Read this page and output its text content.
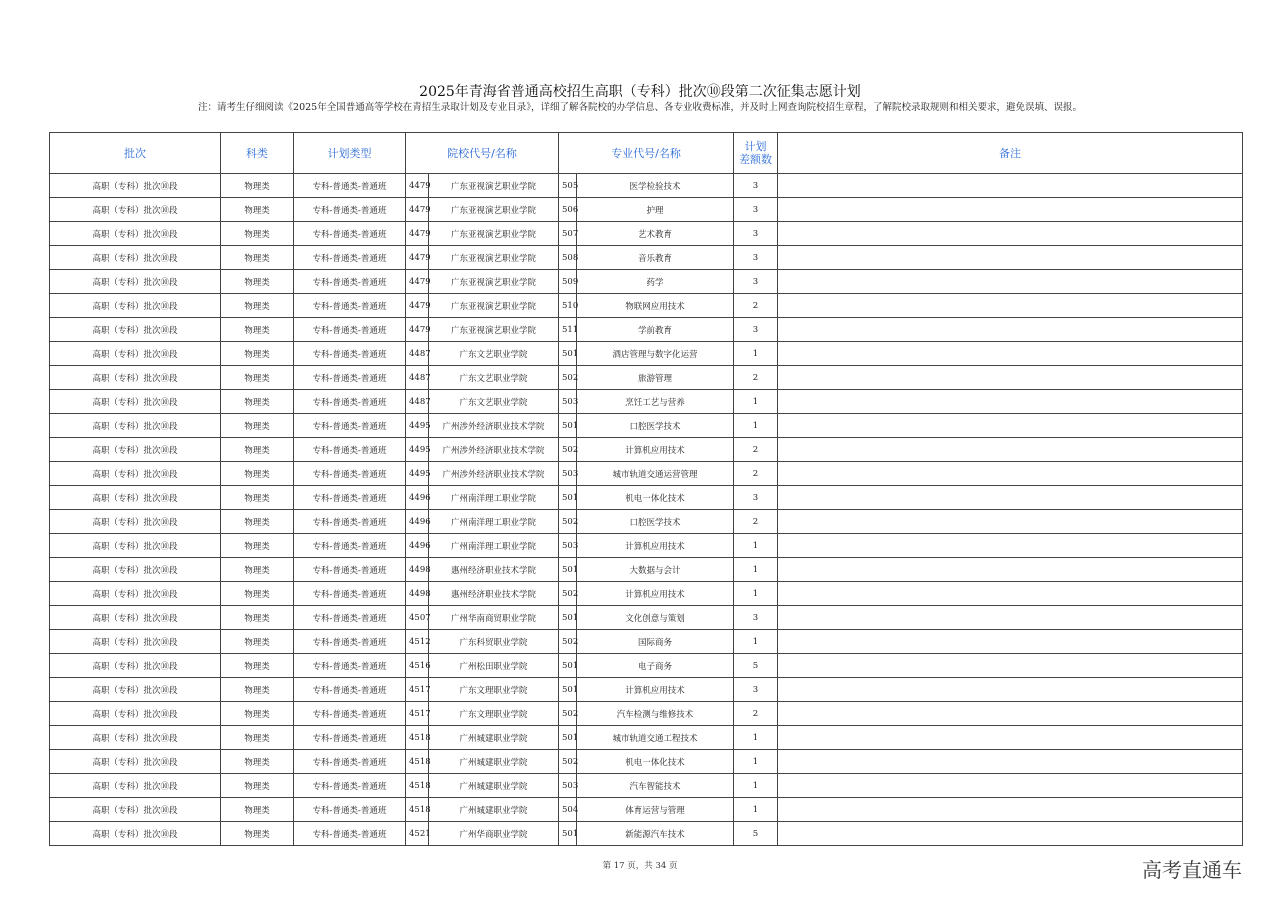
2025年青海省普通高校招生高职（专科）批次⑩段第二次征集志愿计划
注：请考生仔细阅读《2025年全国普通高等学校在青招生录取计划及专业目录》，详细了解各院校的办学信息、各专业收费标准，并及时上网查询院校招生章程，了解院校录取规则和相关要求，避免误填、误报。
批次	科类	计划类型	院校代号/名称		专业代号/名称		计划
差额数	备注
高职（专科）批次⑩段	物理类	专科-普通类-普通班	4479	广东亚视演艺职业学院	505	医学检验技术	3	
高职（专科）批次⑩段	物理类	专科-普通类-普通班	4479	广东亚视演艺职业学院	506	护理	3	
高职（专科）批次⑩段	物理类	专科-普通类-普通班	4479	广东亚视演艺职业学院	507	艺术教育	3	
高职（专科）批次⑩段	物理类	专科-普通类-普通班	4479	广东亚视演艺职业学院	508	音乐教育	3	
高职（专科）批次⑩段	物理类	专科-普通类-普通班	4479	广东亚视演艺职业学院	509	药学	3	
高职（专科）批次⑩段	物理类	专科-普通类-普通班	4479	广东亚视演艺职业学院	510	物联网应用技术	2	
高职（专科）批次⑩段	物理类	专科-普通类-普通班	4479	广东亚视演艺职业学院	511	学前教育	3	
高职（专科）批次⑩段	物理类	专科-普通类-普通班	4487	广东文艺职业学院	501	酒店管理与数字化运营	1	
高职（专科）批次⑩段	物理类	专科-普通类-普通班	4487	广东文艺职业学院	502	旅游管理	2	
高职（专科）批次⑩段	物理类	专科-普通类-普通班	4487	广东文艺职业学院	503	烹饪工艺与营养	1	
高职（专科）批次⑩段	物理类	专科-普通类-普通班	4495	广州涉外经济职业技术学院	501	口腔医学技术	1	
高职（专科）批次⑩段	物理类	专科-普通类-普通班	4495	广州涉外经济职业技术学院	502	计算机应用技术	2	
高职（专科）批次⑩段	物理类	专科-普通类-普通班	4495	广州涉外经济职业技术学院	503	城市轨道交通运营管理	2	
高职（专科）批次⑩段	物理类	专科-普通类-普通班	4496	广州南洋理工职业学院	501	机电一体化技术	3	
高职（专科）批次⑩段	物理类	专科-普通类-普通班	4496	广州南洋理工职业学院	502	口腔医学技术	2	
高职（专科）批次⑩段	物理类	专科-普通类-普通班	4496	广州南洋理工职业学院	503	计算机应用技术	1	
高职（专科）批次⑩段	物理类	专科-普通类-普通班	4498	惠州经济职业技术学院	501	大数据与会计	1	
高职（专科）批次⑩段	物理类	专科-普通类-普通班	4498	惠州经济职业技术学院	502	计算机应用技术	1	
高职（专科）批次⑩段	物理类	专科-普通类-普通班	4507	广州华南商贸职业学院	501	文化创意与策划	3	
高职（专科）批次⑩段	物理类	专科-普通类-普通班	4512	广东科贸职业学院	502	国际商务	1	
高职（专科）批次⑩段	物理类	专科-普通类-普通班	4516	广州松田职业学院	501	电子商务	5	
高职（专科）批次⑩段	物理类	专科-普通类-普通班	4517	广东文理职业学院	501	计算机应用技术	3	
高职（专科）批次⑩段	物理类	专科-普通类-普通班	4517	广东文理职业学院	502	汽车检测与维修技术	2	
高职（专科）批次⑩段	物理类	专科-普通类-普通班	4518	广州城建职业学院	501	城市轨道交通工程技术	1	
高职（专科）批次⑩段	物理类	专科-普通类-普通班	4518	广州城建职业学院	502	机电一体化技术	1	
高职（专科）批次⑩段	物理类	专科-普通类-普通班	4518	广州城建职业学院	503	汽车智能技术	1	
高职（专科）批次⑩段	物理类	专科-普通类-普通班	4518	广州城建职业学院	504	体育运营与管理	1	
高职（专科）批次⑩段	物理类	专科-普通类-普通班	4521	广州华商职业学院	501	新能源汽车技术	5	
第 17 页，共 34 页	高考直通车
